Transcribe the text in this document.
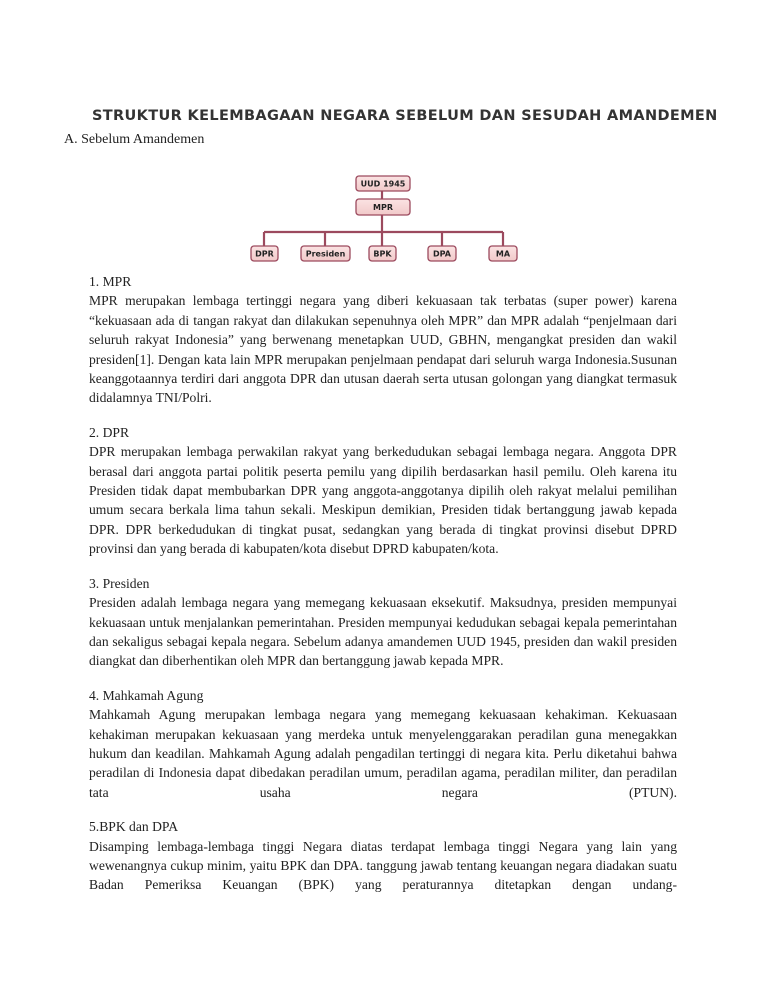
STRUKTUR KELEMBAGAAN NEGARA SEBELUM DAN SESUDAH AMANDEMEN
A. Sebelum Amandemen
UUD 1945
MPR
DPR	Presiden	BPK	DPA	MA
1. MPR

MPR merupakan lembaga tertinggi negara yang diberi kekuasaan tak terbatas (super power) karena “kekuasaan ada di tangan rakyat dan dilakukan sepenuhnya oleh MPR” dan MPR adalah “penjelmaan dari seluruh rakyat Indonesia” yang berwenang menetapkan UUD, GBHN, mengangkat presiden dan wakil presiden[1]. Dengan kata lain MPR merupakan penjelmaan pendapat dari seluruh warga Indonesia.Susunan keanggotaannya terdiri dari anggota DPR dan utusan daerah serta utusan golongan yang diangkat termasuk didalamnya TNI/Polri.

2. DPR

DPR merupakan lembaga perwakilan rakyat yang berkedudukan sebagai lembaga negara. Anggota DPR berasal dari anggota partai politik peserta pemilu yang dipilih berdasarkan hasil pemilu. Oleh karena itu Presiden tidak dapat membubarkan DPR yang anggota-anggotanya dipilih oleh rakyat melalui pemilihan umum secara berkala lima tahun sekali. Meskipun demikian, Presiden tidak bertanggung jawab kepada DPR. DPR berkedudukan di tingkat pusat, sedangkan yang berada di tingkat provinsi disebut DPRD provinsi dan yang berada di kabupaten/kota disebut DPRD kabupaten/kota.

3. Presiden

Presiden adalah lembaga negara yang memegang kekuasaan eksekutif. Maksudnya, presiden mempunyai kekuasaan untuk menjalankan pemerintahan. Presiden mempunyai kedudukan sebagai kepala pemerintahan dan sekaligus sebagai kepala negara. Sebelum adanya amandemen UUD 1945, presiden dan wakil presiden diangkat dan diberhentikan oleh MPR dan bertanggung jawab kepada MPR.

4. Mahkamah Agung

Mahkamah Agung merupakan lembaga negara yang memegang kekuasaan kehakiman. Kekuasaan kehakiman merupakan kekuasaan yang merdeka untuk menyelenggarakan peradilan guna menegakkan hukum dan keadilan. Mahkamah Agung adalah pengadilan tertinggi di negara kita. Perlu diketahui bahwa peradilan di Indonesia dapat dibedakan peradilan umum, peradilan agama, peradilan militer, dan peradilan tata usaha negara (PTUN).

5.BPK dan DPA

Disamping lembaga-lembaga tinggi Negara diatas terdapat lembaga tinggi Negara yang lain yang wewenangnya cukup minim, yaitu BPK dan DPA. tanggung jawab tentang keuangan negara diadakan suatu Badan Pemeriksa Keuangan (BPK) yang peraturannya ditetapkan dengan undang-
